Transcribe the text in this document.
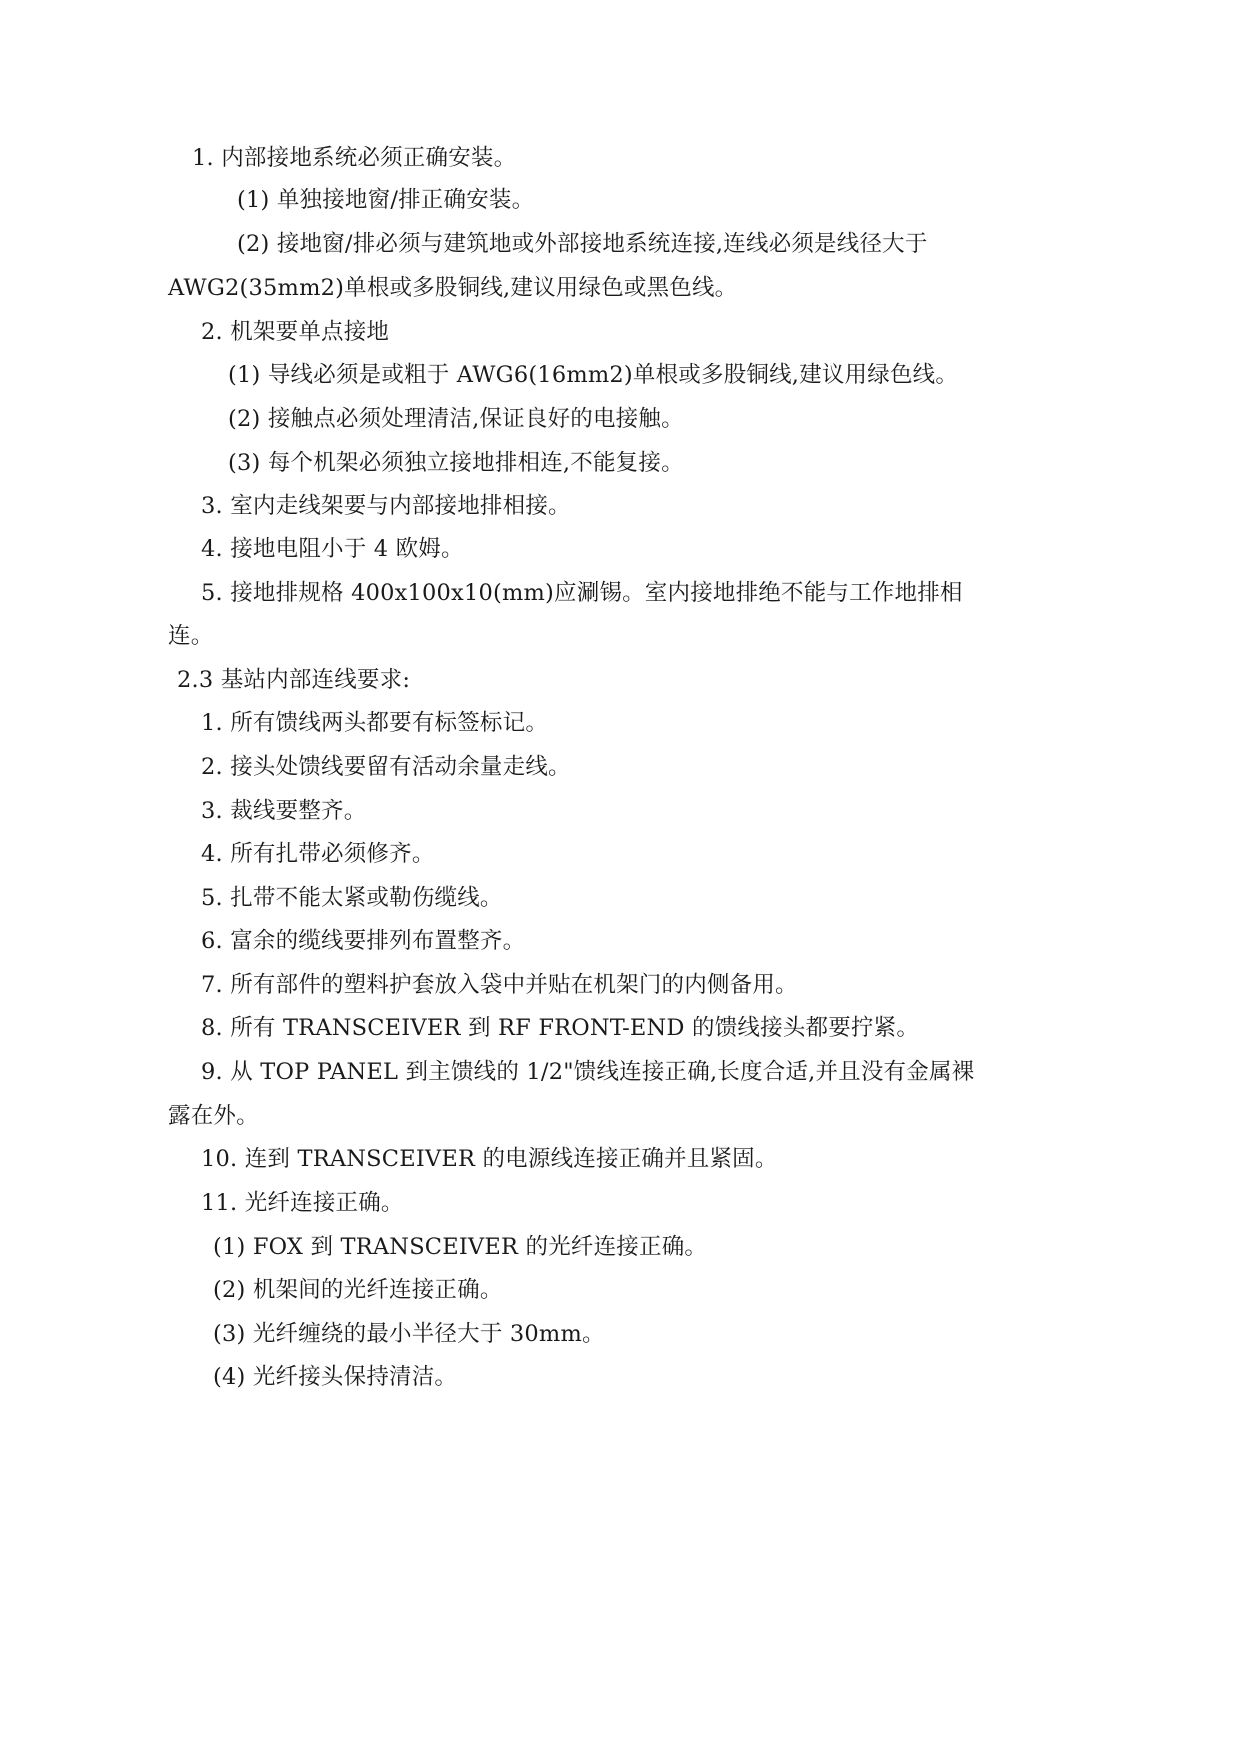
1. 内部接地系统必须正确安装。
(1) 单独接地窗/排正确安装。
(2) 接地窗/排必须与建筑地或外部接地系统连接,连线必须是线径大于
AWG2(35mm2)单根或多股铜线,建议用绿色或黑色线。
2. 机架要单点接地
(1) 导线必须是或粗于 AWG6(16mm2)单根或多股铜线,建议用绿色线。
(2) 接触点必须处理清洁,保证良好的电接触。
(3) 每个机架必须独立接地排相连,不能复接。
3. 室内走线架要与内部接地排相接。
4. 接地电阻小于 4 欧姆。
5. 接地排规格 400x100x10(mm)应涮锡。室内接地排绝不能与工作地排相
连。
2.3 基站内部连线要求:
1. 所有馈线两头都要有标签标记。
2. 接头处馈线要留有活动余量走线。
3. 裁线要整齐。
4. 所有扎带必须修齐。
5. 扎带不能太紧或勒伤缆线。
6. 富余的缆线要排列布置整齐。
7. 所有部件的塑料护套放入袋中并贴在机架门的内侧备用。
8. 所有 TRANSCEIVER 到 RF FRONT-END 的馈线接头都要拧紧。
9. 从 TOP PANEL 到主馈线的 1/2"馈线连接正确,长度合适,并且没有金属裸
露在外。
10. 连到 TRANSCEIVER 的电源线连接正确并且紧固。
11. 光纤连接正确。
(1) FOX 到 TRANSCEIVER 的光纤连接正确。
(2) 机架间的光纤连接正确。
(3) 光纤缠绕的最小半径大于 30mm。
(4) 光纤接头保持清洁。
